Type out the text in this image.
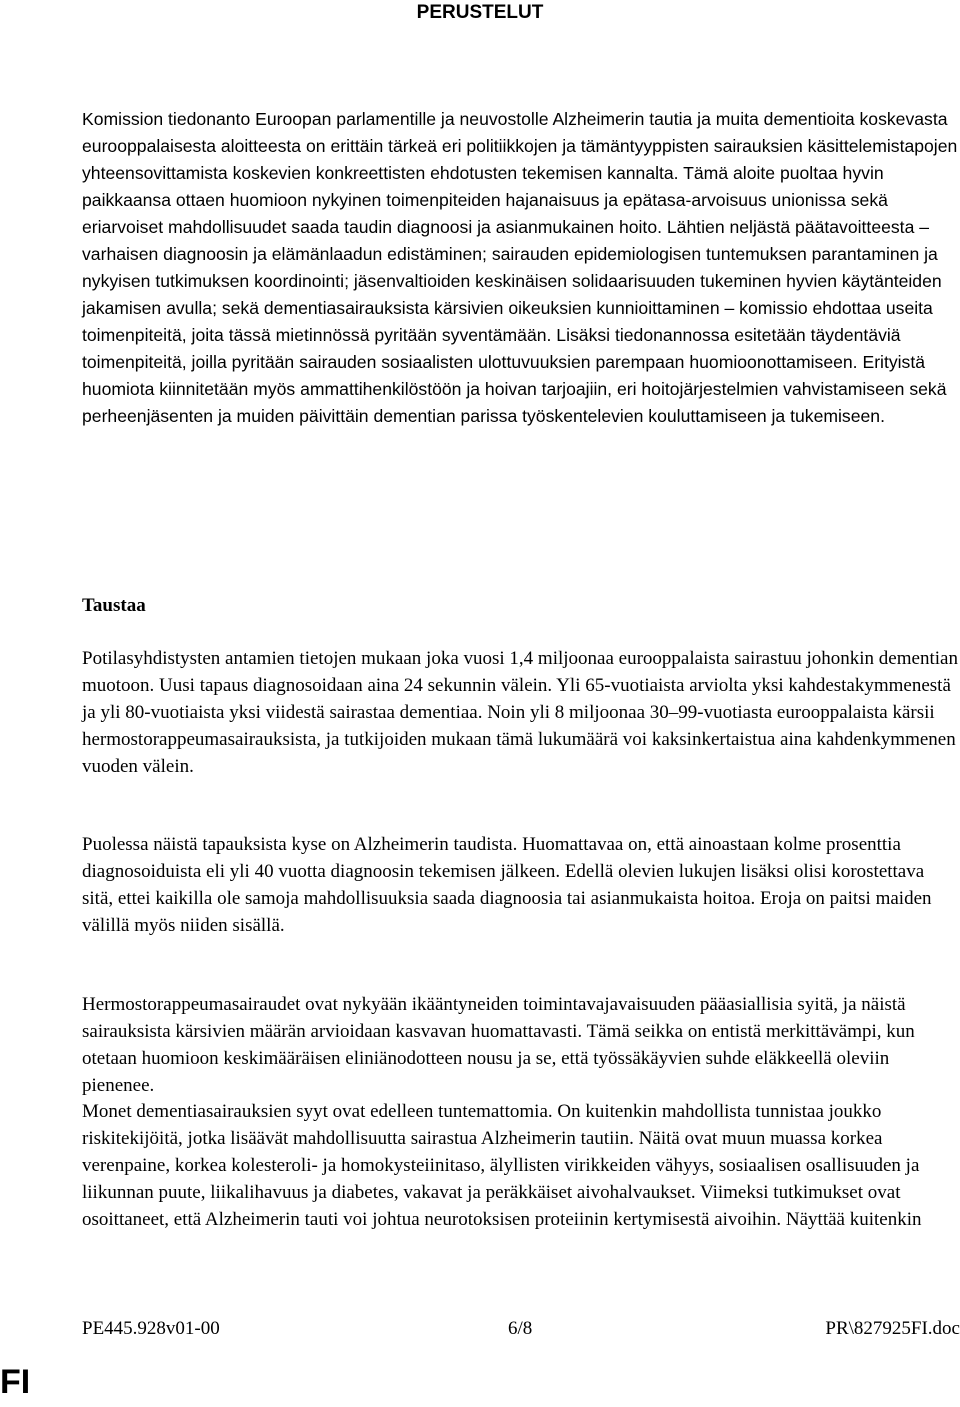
PERUSTELUT

Komission tiedonanto Euroopan parlamentille ja neuvostolle Alzheimerin tautia ja muita dementioita koskevasta eurooppalaisesta aloitteesta on erittäin tärkeä eri politiikkojen ja tämäntyyppisten sairauksien käsittelemistapojen yhteensovittamista koskevien konkreettisten ehdotusten tekemisen kannalta. Tämä aloite puoltaa hyvin paikkaansa ottaen huomioon nykyinen toimenpiteiden hajanaisuus ja epätasa-arvoisuus unionissa sekä eriarvoiset mahdollisuudet saada taudin diagnoosi ja asianmukainen hoito. Lähtien neljästä päätavoitteesta – varhaisen diagnoosin ja elämänlaadun edistäminen; sairauden epidemiologisen tuntemuksen parantaminen ja nykyisen tutkimuksen koordinointi; jäsenvaltioiden keskinäisen solidaarisuuden tukeminen hyvien käytänteiden jakamisen avulla; sekä dementiasairauksista kärsivien oikeuksien kunnioittaminen – komissio ehdottaa useita toimenpiteitä, joita tässä mietinnössä pyritään syventämään. Lisäksi tiedonannossa esitetään täydentäviä toimenpiteitä, joilla pyritään sairauden sosiaalisten ulottuvuuksien parempaan huomioonottamiseen. Erityistä huomiota kiinnitetään myös ammattihenkilöstöön ja hoivan tarjoajiin, eri hoitojärjestelmien vahvistamiseen sekä perheenjäsenten ja muiden päivittäin dementian parissa työskentelevien kouluttamiseen ja tukemiseen.

Taustaa

Potilasyhdistysten antamien tietojen mukaan joka vuosi 1,4 miljoonaa eurooppalaista sairastuu johonkin dementian muotoon. Uusi tapaus diagnosoidaan aina 24 sekunnin välein. Yli 65-vuotiaista arviolta yksi kahdestakymmenestä ja yli 80-vuotiaista yksi viidestä sairastaa dementiaa. Noin yli 8 miljoonaa 30–99-vuotiasta eurooppalaista kärsii hermostorappeumasairauksista, ja tutkijoiden mukaan tämä lukumäärä voi kaksinkertaistua aina kahdenkymmenen vuoden välein.

Puolessa näistä tapauksista kyse on Alzheimerin taudista. Huomattavaa on, että ainoastaan kolme prosenttia diagnosoiduista eli yli 40 vuotta diagnoosin tekemisen jälkeen. Edellä olevien lukujen lisäksi olisi korostettava sitä, ettei kaikilla ole samoja mahdollisuuksia saada diagnoosia tai asianmukaista hoitoa. Eroja on paitsi maiden välillä myös niiden sisällä.

Hermostorappeumasairaudet ovat nykyään ikääntyneiden toimintavajavaisuuden pääasiallisia syitä, ja näistä sairauksista kärsivien määrän arvioidaan kasvavan huomattavasti. Tämä seikka on entistä merkittävämpi, kun otetaan huomioon keskimääräisen eliniänodotteen nousu ja se, että työssäkäyvien suhde eläkkeellä oleviin pienenee.

Monet dementiasairauksien syyt ovat edelleen tuntemattomia. On kuitenkin mahdollista tunnistaa joukko riskitekijöitä, jotka lisäävät mahdollisuutta sairastua Alzheimerin tautiin. Näitä ovat muun muassa korkea verenpaine, korkea kolesteroli- ja homokysteiinitaso, älyllisten virikkeiden vähyys, sosiaalisen osallisuuden ja liikunnan puute, liikalihavuus ja diabetes, vakavat ja peräkkäiset aivohalvaukset. Viimeksi tutkimukset ovat osoittaneet, että Alzheimerin tauti voi johtua neurotoksisen proteiinin kertymisestä aivoihin. Näyttää kuitenkin

PE445.928v01-00	6/8	PR\827925FI.doc
FI
